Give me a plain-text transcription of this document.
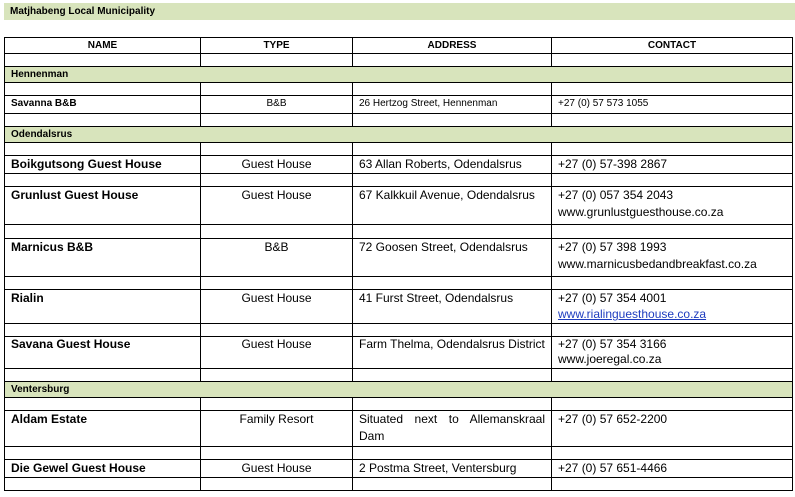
Matjhabeng Local Municipality
NAME	TYPE	ADDRESS	CONTACT

Hennenman			

Savanna B&B	B&B	26 Hertzog Street, Hennenman	+27 (0) 57 573 1055

Odendalsrus			

Boikgutsong Guest House	Guest House	63 Allan Roberts, Odendalsrus	+27 (0) 57-398 2867

Grunlust Guest House	Guest House	67 Kalkkuil Avenue, Odendalsrus	+27 (0) 057 354 2043
www.grunlustguesthouse.co.za

Marnicus B&B	B&B	72 Goosen Street, Odendalsrus	+27 (0) 57 398 1993
www.marnicusbedandbreakfast.co.za

Rialin	Guest House	41 Furst Street, Odendalsrus	+27 (0) 57 354 4001
www.rialinguesthouse.co.za

Savana Guest House	Guest House	Farm Thelma, Odendalsrus District	+27 (0) 57 354 3166
www.joeregal.co.za

Ventersburg			

Aldam Estate	Family Resort	Situated next to Allemanskraal Dam	+27 (0) 57 652-2200

Die Gewel Guest House	Guest House	2 Postma Street, Ventersburg	+27 (0) 57 651-4466
